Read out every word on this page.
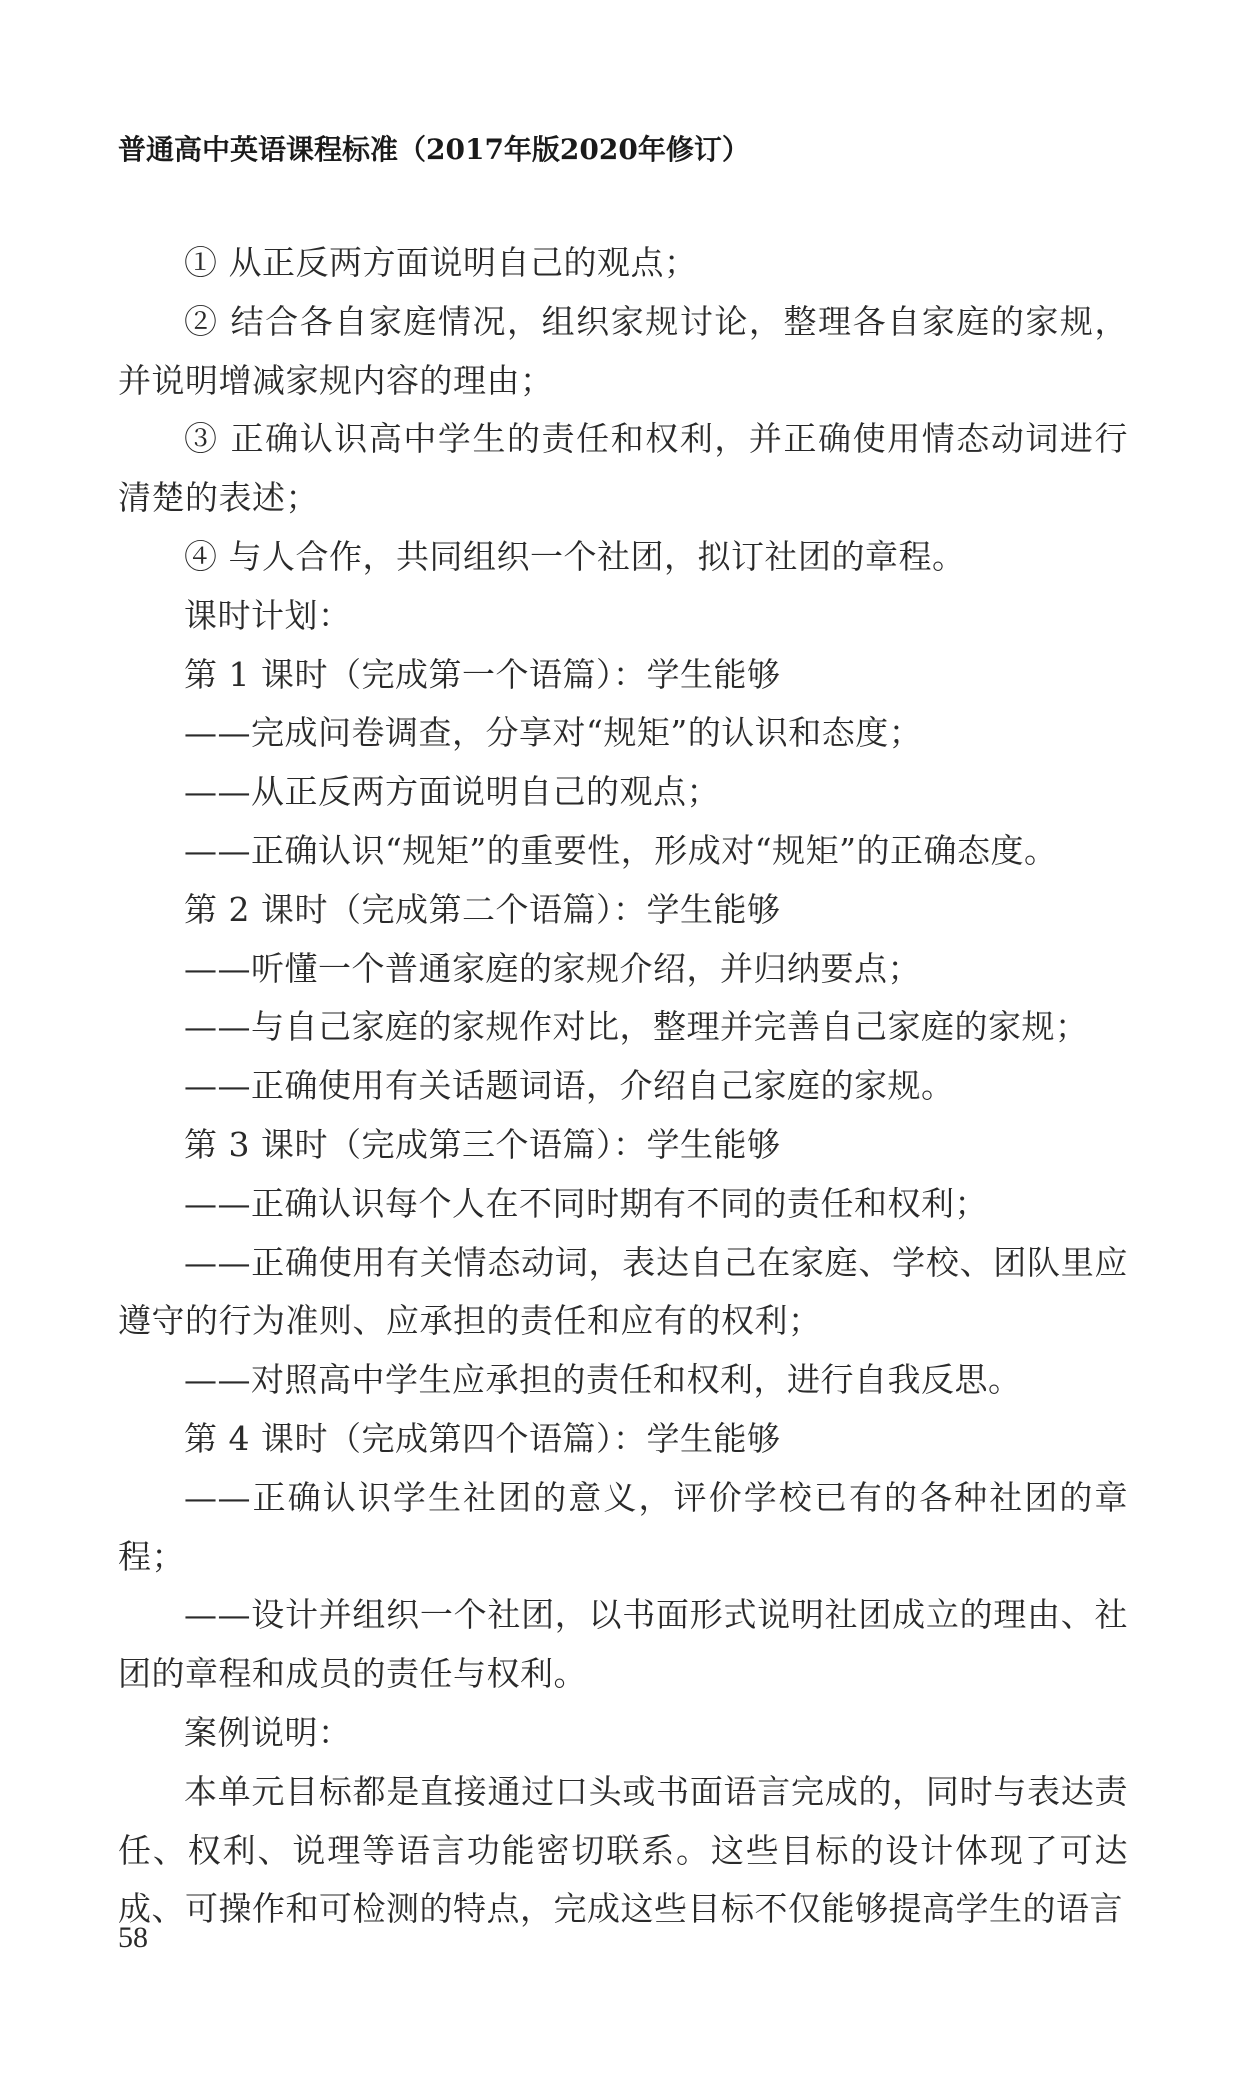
普通高中英语课程标准（2017年版2020年修订）

① 从正反两方面说明自己的观点；

② 结合各自家庭情况，组织家规讨论，整理各自家庭的家规，并说明增减家规内容的理由；

③ 正确认识高中学生的责任和权利，并正确使用情态动词进行清楚的表述；

④ 与人合作，共同组织一个社团，拟订社团的章程。

课时计划：

第 1 课时（完成第一个语篇）：学生能够

——完成问卷调查，分享对“规矩”的认识和态度；

——从正反两方面说明自己的观点；

——正确认识“规矩”的重要性，形成对“规矩”的正确态度。

第 2 课时（完成第二个语篇）：学生能够

——听懂一个普通家庭的家规介绍，并归纳要点；

——与自己家庭的家规作对比，整理并完善自己家庭的家规；

——正确使用有关话题词语，介绍自己家庭的家规。

第 3 课时（完成第三个语篇）：学生能够

——正确认识每个人在不同时期有不同的责任和权利；

——正确使用有关情态动词，表达自己在家庭、学校、团队里应遵守的行为准则、应承担的责任和应有的权利；

——对照高中学生应承担的责任和权利，进行自我反思。

第 4 课时（完成第四个语篇）：学生能够

——正确认识学生社团的意义，评价学校已有的各种社团的章程；

——设计并组织一个社团，以书面形式说明社团成立的理由、社团的章程和成员的责任与权利。

案例说明：

本单元目标都是直接通过口头或书面语言完成的，同时与表达责任、权利、说理等语言功能密切联系。这些目标的设计体现了可达成、可操作和可检测的特点，完成这些目标不仅能够提高学生的语言

58
